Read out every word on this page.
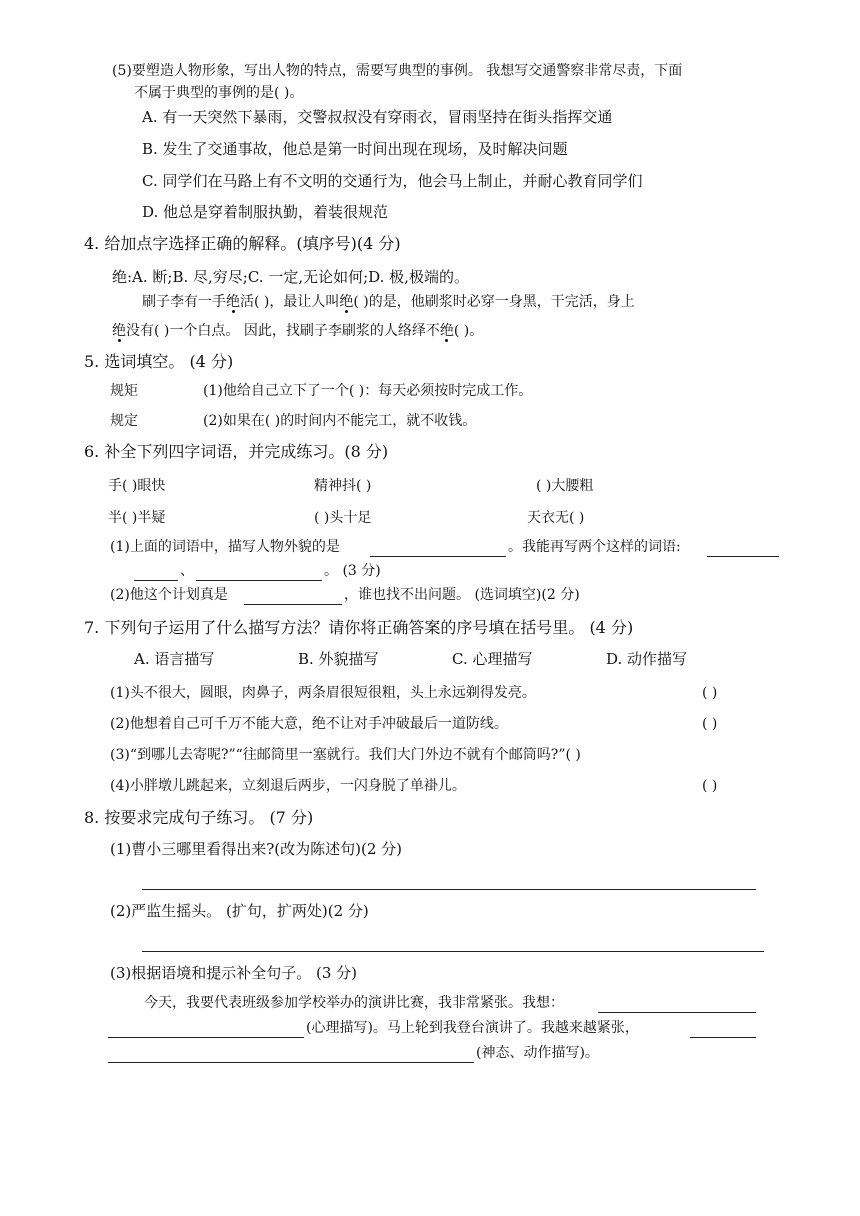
(5)要塑造人物形象，写出人物的特点，需要写典型的事例。 我想写交通警察非常尽责，下面
不属于典型的事例的是( )。
A. 有一天突然下暴雨，交警叔叔没有穿雨衣，冒雨坚持在街头指挥交通
B. 发生了交通事故，他总是第一时间出现在现场，及时解决问题
C. 同学们在马路上有不文明的交通行为，他会马上制止，并耐心教育同学们
D. 他总是穿着制服执勤，着装很规范
4. 给加点字选择正确的解释。(填序号)(4 分)
绝:A. 断;B. 尽,穷尽;C. 一定,无论如何;D. 极,极端的。
刷子李有一手绝活( )，最让人叫绝( )的是，他刷浆时必穿一身黑，干完活，身上
绝没有( )一个白点。 因此，找刷子李刷浆的人络绎不绝( )。
5. 选词填空。 (4 分)
规矩	(1)他给自己立下了一个( )：每天必须按时完成工作。
规定	(2)如果在( )的时间内不能完工，就不收钱。
6. 补全下列四字词语，并完成练习。(8 分)
手( )眼快	精神抖( )	( )大腰粗
半( )半疑	( )头十足	天衣无( )
(1)上面的词语中，描写人物外貌的是	。我能再写两个这样的词语:
、	。 (3 分)
(2)他这个计划真是	，谁也找不出问题。 (选词填空)(2 分)
7. 下列句子运用了什么描写方法？请你将正确答案的序号填在括号里。 (4 分)
A. 语言描写	B. 外貌描写	C. 心理描写	D. 动作描写
(1)头不很大，圆眼，肉鼻子，两条眉很短很粗，头上永远剃得发亮。	( )
(2)他想着自己可千万不能大意，绝不让对手冲破最后一道防线。	( )
(3)“到哪儿去寄呢?”“往邮筒里一塞就行。我们大门外边不就有个邮筒吗?”( )
(4)小胖墩儿跳起来，立刻退后两步，一闪身脱了单褂儿。	( )
8. 按要求完成句子练习。 (7 分)
(1)曹小三哪里看得出来?(改为陈述句)(2 分)
(2)严监生摇头。 (扩句，扩两处)(2 分)
(3)根据语境和提示补全句子。 (3 分)
今天，我要代表班级参加学校举办的演讲比赛，我非常紧张。我想：
(心理描写)。马上轮到我登台演讲了。我越来越紧张，
(神态、动作描写)。
